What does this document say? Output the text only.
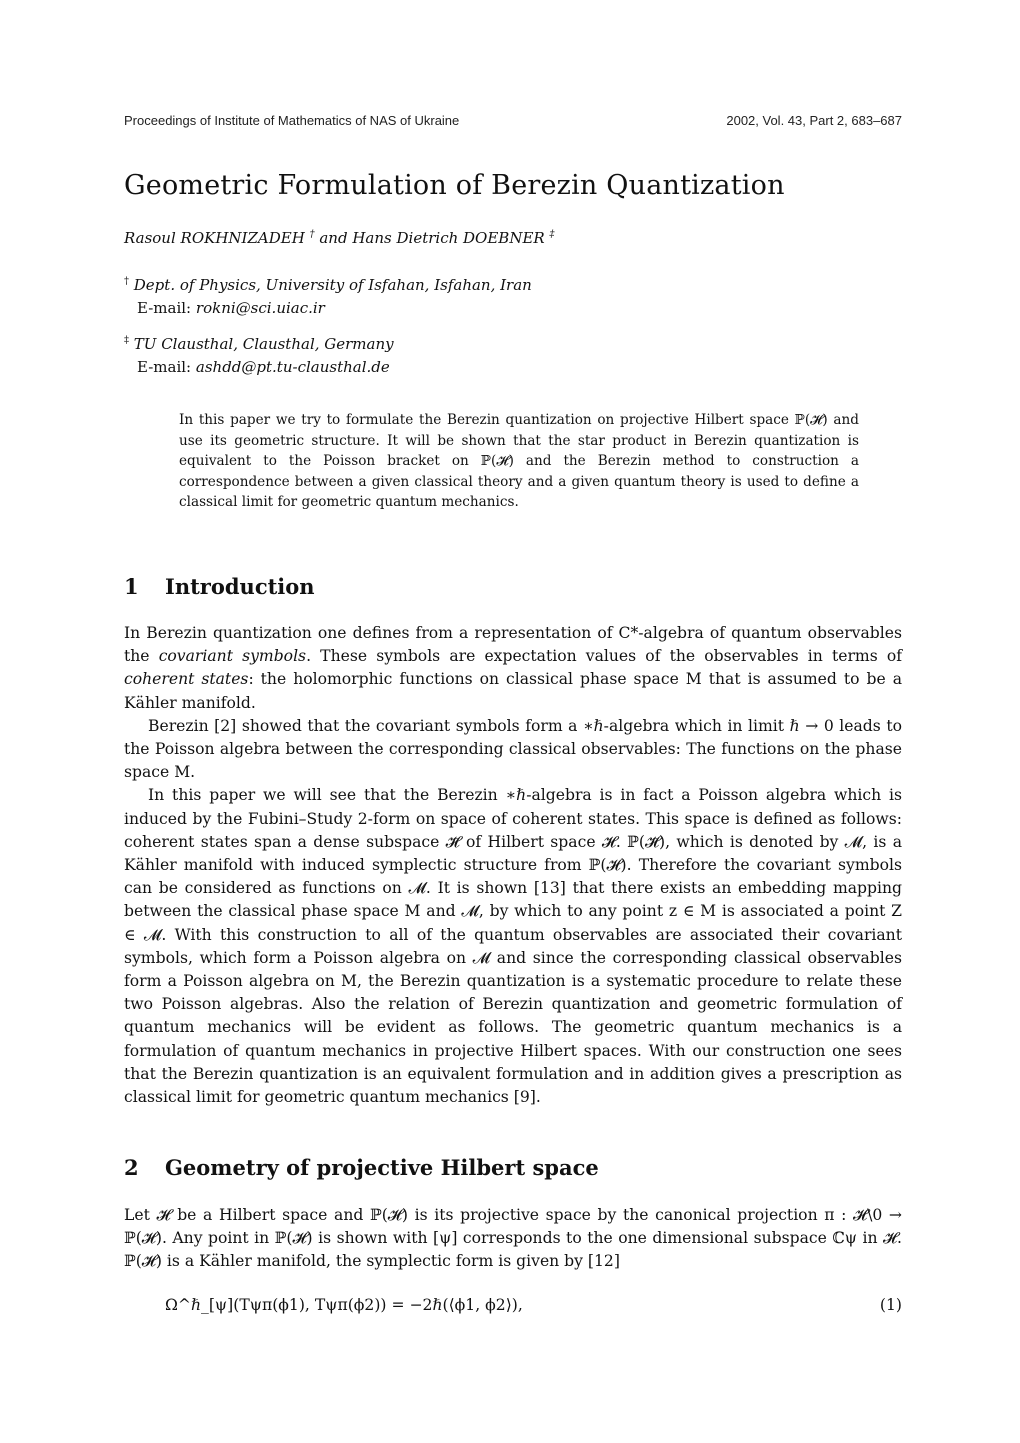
Proceedings of Institute of Mathematics of NAS of Ukraine	2002, Vol. 43, Part 2, 683–687
Geometric Formulation of Berezin Quantization
Rasoul ROKHNIZADEH † and Hans Dietrich DOEBNER ‡
† Dept. of Physics, University of Isfahan, Isfahan, Iran
E-mail: rokni@sci.uiac.ir
‡ TU Clausthal, Clausthal, Germany
E-mail: ashdd@pt.tu-clausthal.de

In this paper we try to formulate the Berezin quantization on projective Hilbert space ℙ(𝓗) and use its geometric structure. It will be shown that the star product in Berezin quantization is equivalent to the Poisson bracket on ℙ(𝓗) and the Berezin method to construction a correspondence between a given classical theory and a given quantum theory is used to define a classical limit for geometric quantum mechanics.

1 Introduction

In Berezin quantization one defines from a representation of C*-algebra of quantum observables the covariant symbols. These symbols are expectation values of the observables in terms of coherent states: the holomorphic functions on classical phase space M that is assumed to be a Kähler manifold.

Berezin [2] showed that the covariant symbols form a ∗ℏ-algebra which in limit ℏ → 0 leads to the Poisson algebra between the corresponding classical observables: The functions on the phase space M.

In this paper we will see that the Berezin ∗ℏ-algebra is in fact a Poisson algebra which is induced by the Fubini–Study 2-form on space of coherent states. This space is defined as follows: coherent states span a dense subspace 𝓗̃ of Hilbert space 𝓗. ℙ(𝓗̃), which is denoted by 𝓜, is a Kähler manifold with induced symplectic structure from ℙ(𝓗). Therefore the covariant symbols can be considered as functions on 𝓜. It is shown [13] that there exists an embedding mapping between the classical phase space M and 𝓜, by which to any point z ∈ M is associated a point Z ∈ 𝓜. With this construction to all of the quantum observables are associated their covariant symbols, which form a Poisson algebra on 𝓜 and since the corresponding classical observables form a Poisson algebra on M, the Berezin quantization is a systematic procedure to relate these two Poisson algebras. Also the relation of Berezin quantization and geometric formulation of quantum mechanics will be evident as follows. The geometric quantum mechanics is a formulation of quantum mechanics in projective Hilbert spaces. With our construction one sees that the Berezin quantization is an equivalent formulation and in addition gives a prescription as classical limit for geometric quantum mechanics [9].

2 Geometry of projective Hilbert space

Let 𝓗 be a Hilbert space and ℙ(𝓗) is its projective space by the canonical projection π : 𝓗\0 → ℙ(𝓗). Any point in ℙ(𝓗) is shown with [ψ] corresponds to the one dimensional subspace ℂψ in 𝓗. ℙ(𝓗) is a Kähler manifold, the symplectic form is given by [12]

Ω^ℏ_[ψ](Tψπ(ϕ1), Tψπ(ϕ2)) = −2ℏ(⟨ϕ1, ϕ2⟩),	(1)
